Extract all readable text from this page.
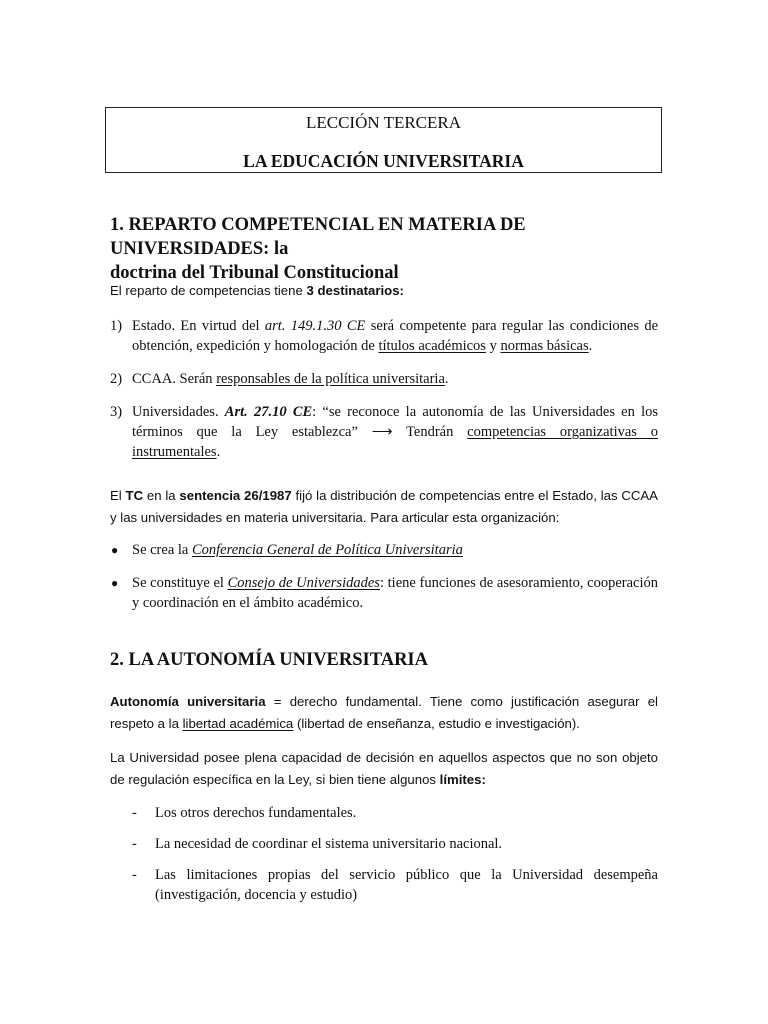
LECCIÓN TERCERA
LA EDUCACIÓN UNIVERSITARIA
1. REPARTO COMPETENCIAL EN MATERIA DE UNIVERSIDADES: la
doctrina del Tribunal Constitucional
El reparto de competencias tiene 3 destinatarios:
1) Estado. En virtud del art. 149.1.30 CE será competente para regular las condiciones de obtención, expedición y homologación de títulos académicos y normas básicas.
2) CCAA. Serán responsables de la política universitaria.
3) Universidades. Art. 27.10 CE: “se reconoce la autonomía de las Universidades en los términos que la Ley establezca” ⟶ Tendrán competencias organizativas o instrumentales.
El TC en la sentencia 26/1987 fijó la distribución de competencias entre el Estado, las CCAA y las universidades en materia universitaria. Para articular esta organización:
● Se crea la Conferencia General de Política Universitaria
● Se constituye el Consejo de Universidades: tiene funciones de asesoramiento, cooperación y coordinación en el ámbito académico.
2. LA AUTONOMÍA UNIVERSITARIA
Autonomía universitaria = derecho fundamental. Tiene como justificación asegurar el respeto a la libertad académica (libertad de enseñanza, estudio e investigación).
La Universidad posee plena capacidad de decisión en aquellos aspectos que no son objeto de regulación específica en la Ley, si bien tiene algunos límites:
- Los otros derechos fundamentales.
- La necesidad de coordinar el sistema universitario nacional.
- Las limitaciones propias del servicio público que la Universidad desempeña (investigación, docencia y estudio)
